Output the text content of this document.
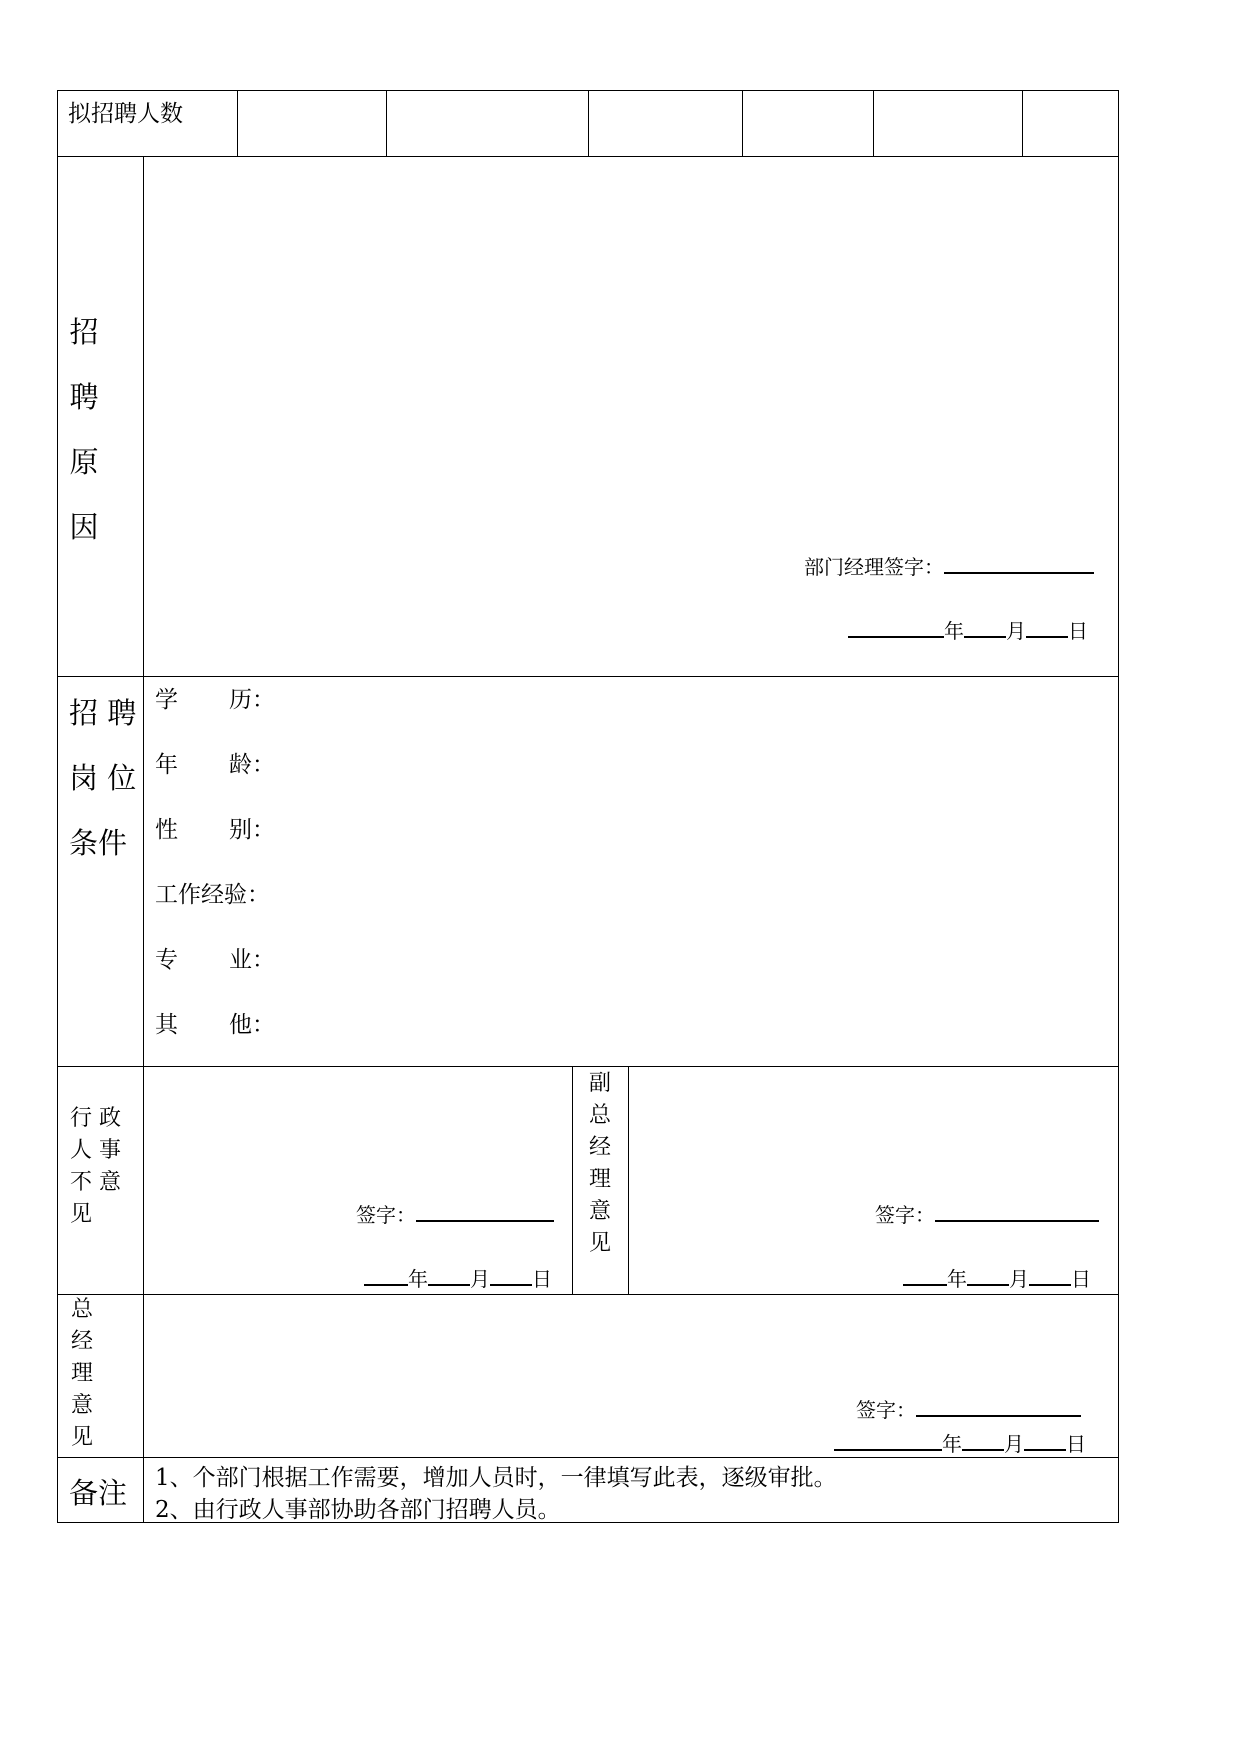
拟招聘人数
招
聘
原
因
部门经理签字：
年 月 日
招 聘
岗 位
条件
学 历：
年 龄：
性 别：
工作经验：
专 业：
其 他：
行 政
人 事
不 意
见	签字：
年 月 日
副
总
经
理
意
见
签字：
年 月 日
总
经
理
意
见
签字：
年 月 日
备注 1、个部门根据工作需要，增加人员时，一律填写此表，逐级审批。
2、由行政人事部协助各部门招聘人员。
